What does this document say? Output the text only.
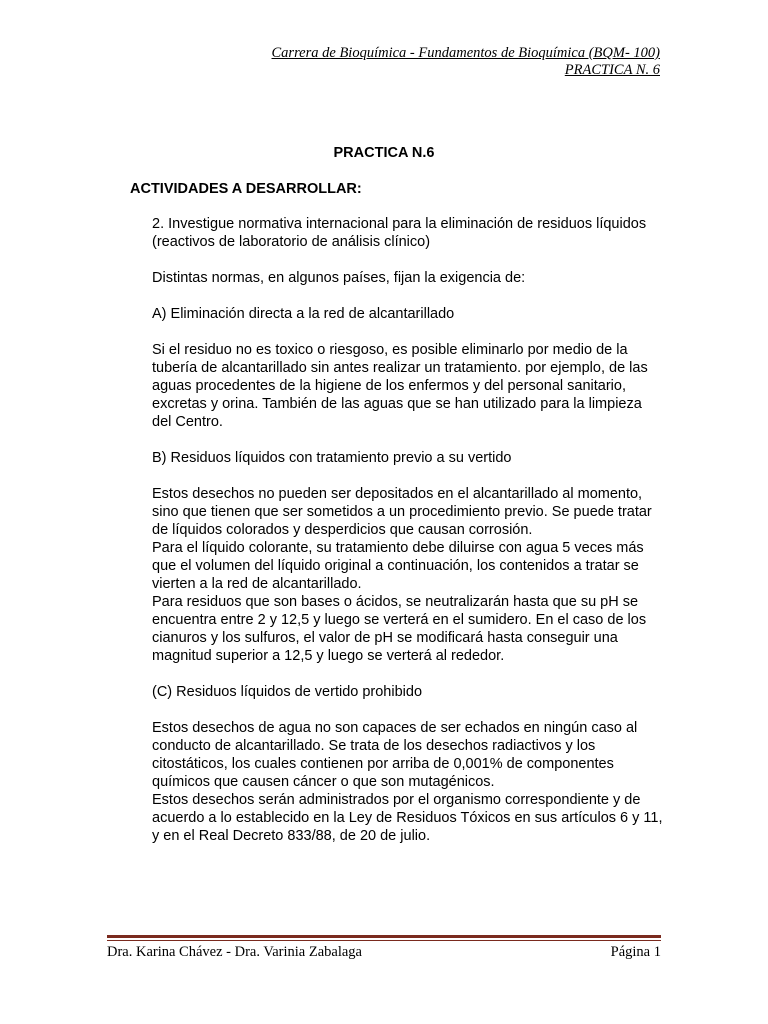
Carrera de Bioquímica - Fundamentos de Bioquímica (BQM- 100)
PRACTICA N. 6
PRACTICA N.6
ACTIVIDADES A DESARROLLAR:

2. Investigue normativa internacional para la eliminación de residuos líquidos (reactivos de laboratorio de análisis clínico)

Distintas normas, en algunos países, fijan la exigencia de:

A) Eliminación directa a la red de alcantarillado

Si el residuo no es toxico o riesgoso, es posible eliminarlo por medio de la tubería de alcantarillado sin antes realizar un tratamiento. por ejemplo, de las aguas procedentes de la higiene de los enfermos y del personal sanitario, excretas y orina. También de las aguas que se han utilizado para la limpieza del Centro.

B) Residuos líquidos con tratamiento previo a su vertido

Estos desechos no pueden ser depositados en el alcantarillado al momento, sino que tienen que ser sometidos a un procedimiento previo. Se puede tratar de líquidos colorados y desperdicios que causan corrosión.

Para el líquido colorante, su tratamiento debe diluirse con agua 5 veces más que el volumen del líquido original a continuación, los contenidos a tratar se vierten a la red de alcantarillado.

Para residuos que son bases o ácidos, se neutralizarán hasta que su pH se encuentra entre 2 y 12,5 y luego se verterá en el sumidero. En el caso de los cianuros y los sulfuros, el valor de pH se modificará hasta conseguir una magnitud superior a 12,5 y luego se verterá al rededor.

(C) Residuos líquidos de vertido prohibido

Estos desechos de agua no son capaces de ser echados en ningún caso al conducto de alcantarillado. Se trata de los desechos radiactivos y los citostáticos, los cuales contienen por arriba de 0,001% de componentes químicos que causen cáncer o que son mutagénicos.

Estos desechos serán administrados por el organismo correspondiente y de acuerdo a lo establecido en la Ley de Residuos Tóxicos en sus artículos 6 y 11, y en el Real Decreto 833/88, de 20 de julio.

Dra. Karina Chávez - Dra. Varinia Zabalaga	Página 1
